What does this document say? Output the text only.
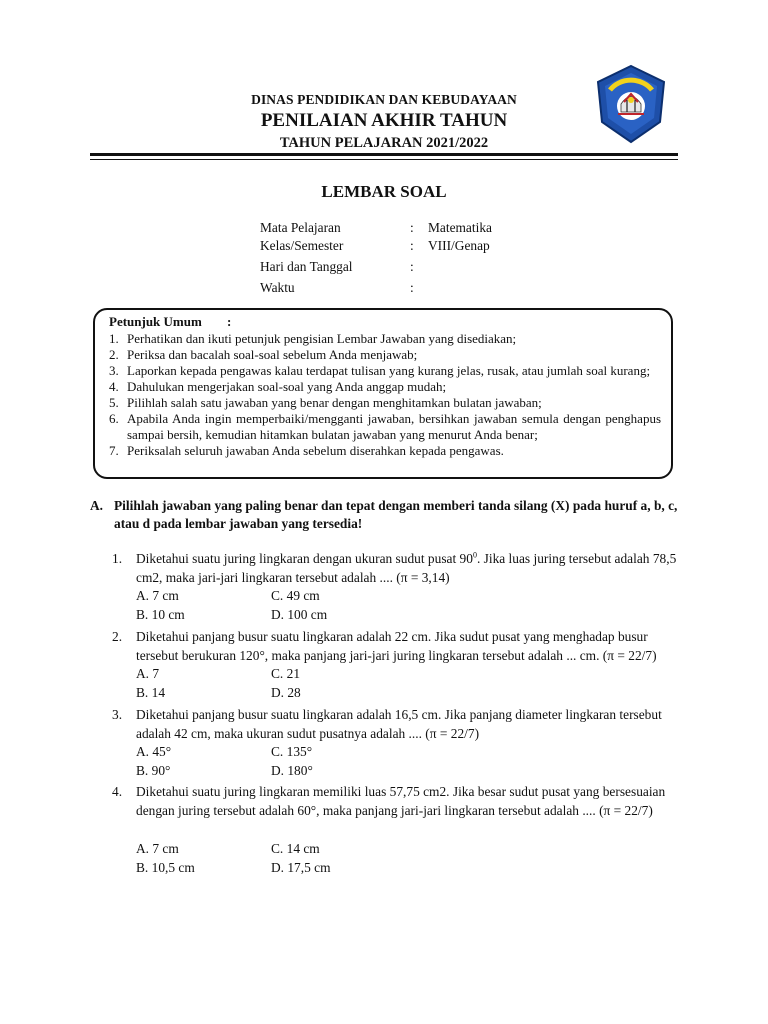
DINAS PENDIDIKAN DAN KEBUDAYAAN
PENILAIAN AKHIR TAHUN
TAHUN PELAJARAN 2021/2022
LEMBAR SOAL
Mata Pelajaran	: Matematika
Kelas/Semester	: VIII/Genap
Hari dan Tanggal	:
Waktu	:
Petunjuk Umum :
1. Perhatikan dan ikuti petunjuk pengisian Lembar Jawaban yang disediakan;
2. Periksa dan bacalah soal-soal sebelum Anda menjawab;
3. Laporkan kepada pengawas kalau terdapat tulisan yang kurang jelas, rusak, atau jumlah soal kurang;
4. Dahulukan mengerjakan soal-soal yang Anda anggap mudah;
5. Pilihlah salah satu jawaban yang benar dengan menghitamkan bulatan jawaban;
6. Apabila Anda ingin memperbaiki/mengganti jawaban, bersihkan jawaban semula dengan penghapus sampai bersih, kemudian hitamkan bulatan jawaban yang menurut Anda benar;
7. Periksalah seluruh jawaban Anda sebelum diserahkan kepada pengawas.
A. Pilihlah jawaban yang paling benar dan tepat dengan memberi tanda silang (X) pada huruf a, b, c, atau d pada lembar jawaban yang tersedia!
1. Diketahui suatu juring lingkaran dengan ukuran sudut pusat $90^0$. Jika luas juring tersebut adalah 78,5 cm2, maka jari-jari lingkaran tersebut adalah .... (π = 3,14)
A. 7 cm
B. 10 cm
C. 49 cm
D. 100 cm
2. Diketahui panjang busur suatu lingkaran adalah 22 cm. Jika sudut pusat yang menghadap busur tersebut berukuran 120°, maka panjang jari-jari juring lingkaran tersebut adalah ... cm. (π = 22/7)
A. 7
B. 14
C. 21
D. 28
3. Diketahui panjang busur suatu lingkaran adalah 16,5 cm. Jika panjang diameter lingkaran tersebut adalah 42 cm, maka ukuran sudut pusatnya adalah .... (π = 22/7)
A. 45°
B. 90°
C. 135°
D. 180°
4. Diketahui suatu juring lingkaran memiliki luas 57,75 cm2. Jika besar sudut pusat yang bersesuaian dengan juring tersebut adalah 60°, maka panjang jari-jari lingkaran tersebut adalah .... (π = 22/7)
A. 7 cm
B. 10,5 cm
C. 14 cm
D. 17,5 cm
